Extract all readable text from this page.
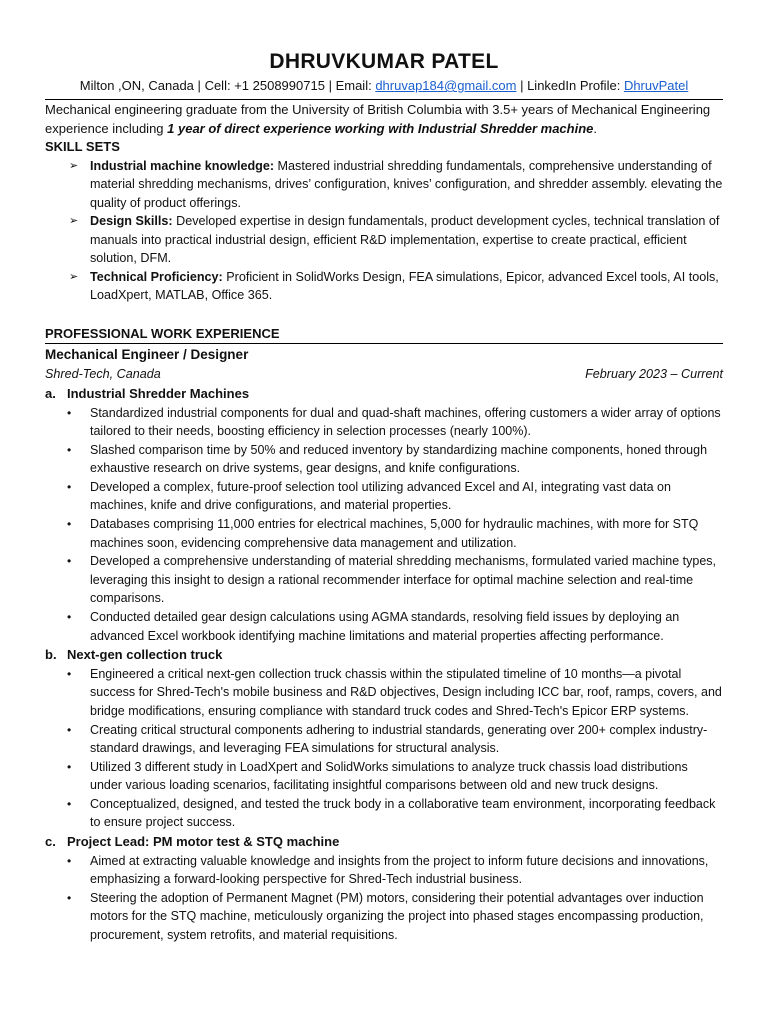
DHRUVKUMAR PATEL
Milton ,ON, Canada | Cell: +1 2508990715 | Email: dhruvap184@gmail.com | LinkedIn Profile: DhruvPatel
Mechanical engineering graduate from the University of British Columbia with 3.5+ years of Mechanical Engineering experience including 1 year of direct experience working with Industrial Shredder machine.
SKILL SETS
➢ Industrial machine knowledge: Mastered industrial shredding fundamentals, comprehensive understanding of material shredding mechanisms, drives’ configuration, knives’ configuration, and shredder assembly. elevating the quality of product offerings.
➢ Design Skills: Developed expertise in design fundamentals, product development cycles, technical translation of manuals into practical industrial design, efficient R&D implementation, expertise to create practical, efficient solution, DFM.
➢ Technical Proficiency: Proficient in SolidWorks Design, FEA simulations, Epicor, advanced Excel tools, AI tools, LoadXpert, MATLAB, Office 365.
PROFESSIONAL WORK EXPERIENCE
Mechanical Engineer / Designer
Shred-Tech, Canada	February 2023 – Current
a. Industrial Shredder Machines
• Standardized industrial components for dual and quad-shaft machines, offering customers a wider array of options tailored to their needs, boosting efficiency in selection processes (nearly 100%).
• Slashed comparison time by 50% and reduced inventory by standardizing machine components, honed through exhaustive research on drive systems, gear designs, and knife configurations.
• Developed a complex, future-proof selection tool utilizing advanced Excel and AI, integrating vast data on machines, knife and drive configurations, and material properties.
• Databases comprising 11,000 entries for electrical machines, 5,000 for hydraulic machines, with more for STQ machines soon, evidencing comprehensive data management and utilization.
• Developed a comprehensive understanding of material shredding mechanisms, formulated varied machine types, leveraging this insight to design a rational recommender interface for optimal machine selection and real-time comparisons.
• Conducted detailed gear design calculations using AGMA standards, resolving field issues by deploying an advanced Excel workbook identifying machine limitations and material properties affecting performance.
b. Next-gen collection truck
• Engineered a critical next-gen collection truck chassis within the stipulated timeline of 10 months—a pivotal success for Shred-Tech's mobile business and R&D objectives, Design including ICC bar, roof, ramps, covers, and bridge modifications, ensuring compliance with standard truck codes and Shred-Tech's Epicor ERP systems.
• Creating critical structural components adhering to industrial standards, generating over 200+ complex industry-standard drawings, and leveraging FEA simulations for structural analysis.
• Utilized 3 different study in LoadXpert and SolidWorks simulations to analyze truck chassis load distributions under various loading scenarios, facilitating insightful comparisons between old and new truck designs.
• Conceptualized, designed, and tested the truck body in a collaborative team environment, incorporating feedback to ensure project success.
c. Project Lead: PM motor test & STQ machine
• Aimed at extracting valuable knowledge and insights from the project to inform future decisions and innovations, emphasizing a forward-looking perspective for Shred-Tech industrial business.
• Steering the adoption of Permanent Magnet (PM) motors, considering their potential advantages over induction motors for the STQ machine, meticulously organizing the project into phased stages encompassing production, procurement, system retrofits, and material requisitions.
